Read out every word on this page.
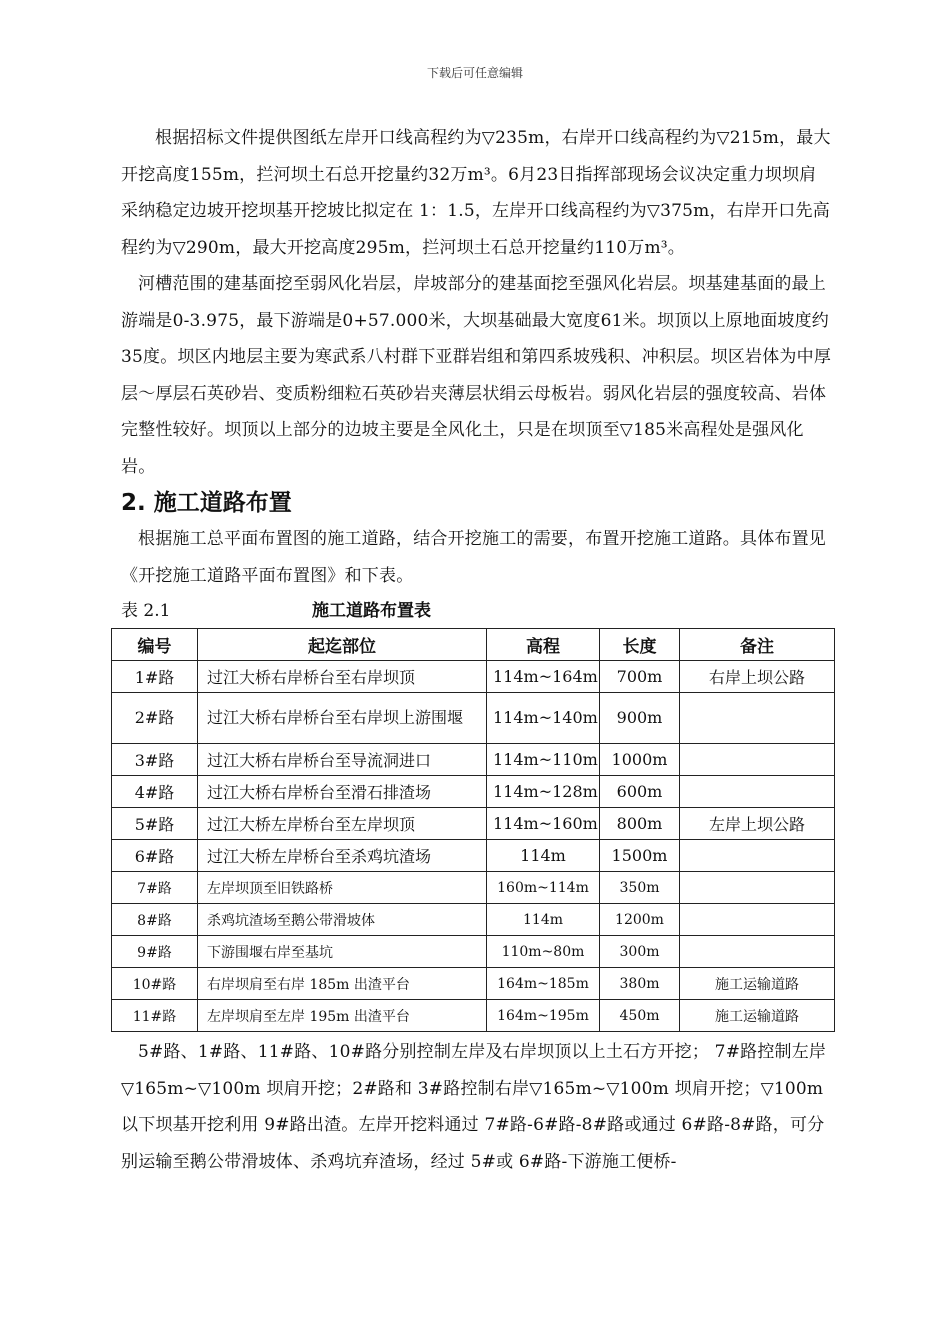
下载后可任意编辑

根据招标文件提供图纸左岸开口线高程约为▽235m，右岸开口线高程约为▽215m，最大开挖高度155m，拦河坝土石总开挖量约32万m³。6月23日指挥部现场会议决定重力坝坝肩采纳稳定边坡开挖坝基开挖坡比拟定在 1：1.5，左岸开口线高程约为▽375m，右岸开口先高程约为▽290m，最大开挖高度295m，拦河坝土石总开挖量约110万m³。

河槽范围的建基面挖至弱风化岩层，岸坡部分的建基面挖至强风化岩层。坝基建基面的最上游端是0-3.975，最下游端是0+57.000米，大坝基础最大宽度61米。坝顶以上原地面坡度约35度。坝区内地层主要为寒武系八村群下亚群岩组和第四系坡残积、冲积层。坝区岩体为中厚层～厚层石英砂岩、变质粉细粒石英砂岩夹薄层状绢云母板岩。弱风化岩层的强度较高、岩体完整性较好。坝顶以上部分的边坡主要是全风化土，只是在坝顶至▽185米高程处是强风化岩。

2. 施工道路布置

根据施工总平面布置图的施工道路，结合开挖施工的需要，布置开挖施工道路。具体布置见《开挖施工道路平面布置图》和下表。

表 2.1	施工道路布置表
编号	起迄部位	高程	长度	备注
1#路	过江大桥右岸桥台至右岸坝顶	114m~164m	700m	右岸上坝公路
2#路	过江大桥右岸桥台至右岸坝上游围堰	114m~140m	900m	
3#路	过江大桥右岸桥台至导流洞进口	114m~110m	1000m	
4#路	过江大桥右岸桥台至滑石排渣场	114m~128m	600m	
5#路	过江大桥左岸桥台至左岸坝顶	114m~160m	800m	左岸上坝公路
6#路	过江大桥左岸桥台至杀鸡坑渣场	114m	1500m	
7#路	左岸坝顶至旧铁路桥	160m~114m	350m	
8#路	杀鸡坑渣场至鹅公带滑坡体	114m	1200m	
9#路	下游围堰右岸至基坑	110m~80m	300m	
10#路	右岸坝肩至右岸 185m 出渣平台	164m~185m	380m	施工运输道路
11#路	左岸坝肩至左岸 195m 出渣平台	164m~195m	450m	施工运输道路

5#路、1#路、11#路、10#路分别控制左岸及右岸坝顶以上土石方开挖； 7#路控制左岸▽165m~▽100m 坝肩开挖；2#路和 3#路控制右岸▽165m~▽100m 坝肩开挖；▽100m 以下坝基开挖利用 9#路出渣。左岸开挖料通过 7#路-6#路-8#路或通过 6#路-8#路，可分别运输至鹅公带滑坡体、杀鸡坑弃渣场，经过 5#或 6#路-下游施工便桥-
